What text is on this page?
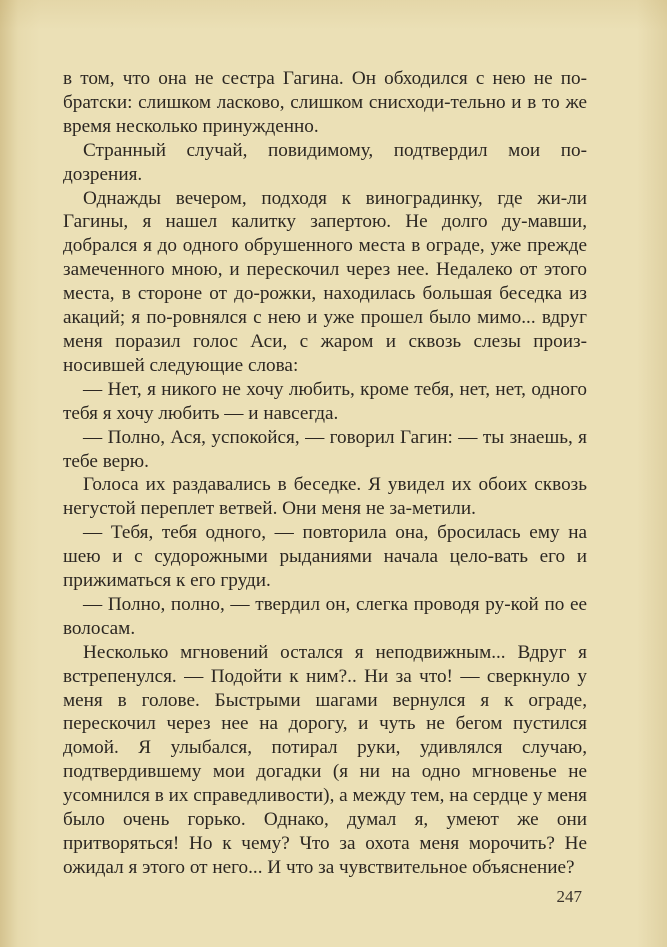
в том, что она не сестра Гагина. Он обходился с нею не по-братски: слишком ласково, слишком снисходи-тельно и в то же время несколько принужденно.

Странный случай, повидимому, подтвердил мои по-дозрения.

Однажды вечером, подходя к виноградинку, где жи-ли Гагины, я нашел калитку запертою. Не долго ду-мавши, добрался я до одного обрушенного места в ограде, уже прежде замеченного мною, и перескочил через нее. Недалеко от этого места, в стороне от до-рожки, находилась большая беседка из акаций; я по-ровнялся с нею и уже прошел было мимо... вдруг меня поразил голос Аси, с жаром и сквозь слезы произ-носившей следующие слова:

— Нет, я никого не хочу любить, кроме тебя, нет, нет, одного тебя я хочу любить — и навсегда.

— Полно, Ася, успокойся, — говорил Гагин: — ты знаешь, я тебе верю.

Голоса их раздавались в беседке. Я увидел их обоих сквозь негустой переплет ветвей. Они меня не за-метили.

— Тебя, тебя одного, — повторила она, бросилась ему на шею и с судорожными рыданиями начала цело-вать его и прижиматься к его груди.

— Полно, полно, — твердил он, слегка проводя ру-кой по ее волосам.

Несколько мгновений остался я неподвижным... Вдруг я встрепенулся. — Подойти к ним?.. Ни за что! — сверкнуло у меня в голове. Быстрыми шагами вернулся я к ограде, перескочил через нее на дорогу, и чуть не бегом пустился домой. Я улыбался, потирал руки, удивлялся случаю, подтвердившему мои догадки (я ни на одно мгновенье не усомнился в их справедливости), а между тем, на сердце у меня было очень горько. Однако, думал я, умеют же они притворяться! Но к чему? Что за охота меня морочить? Не ожидал я этого от него... И что за чувствительное объяснение?

247
